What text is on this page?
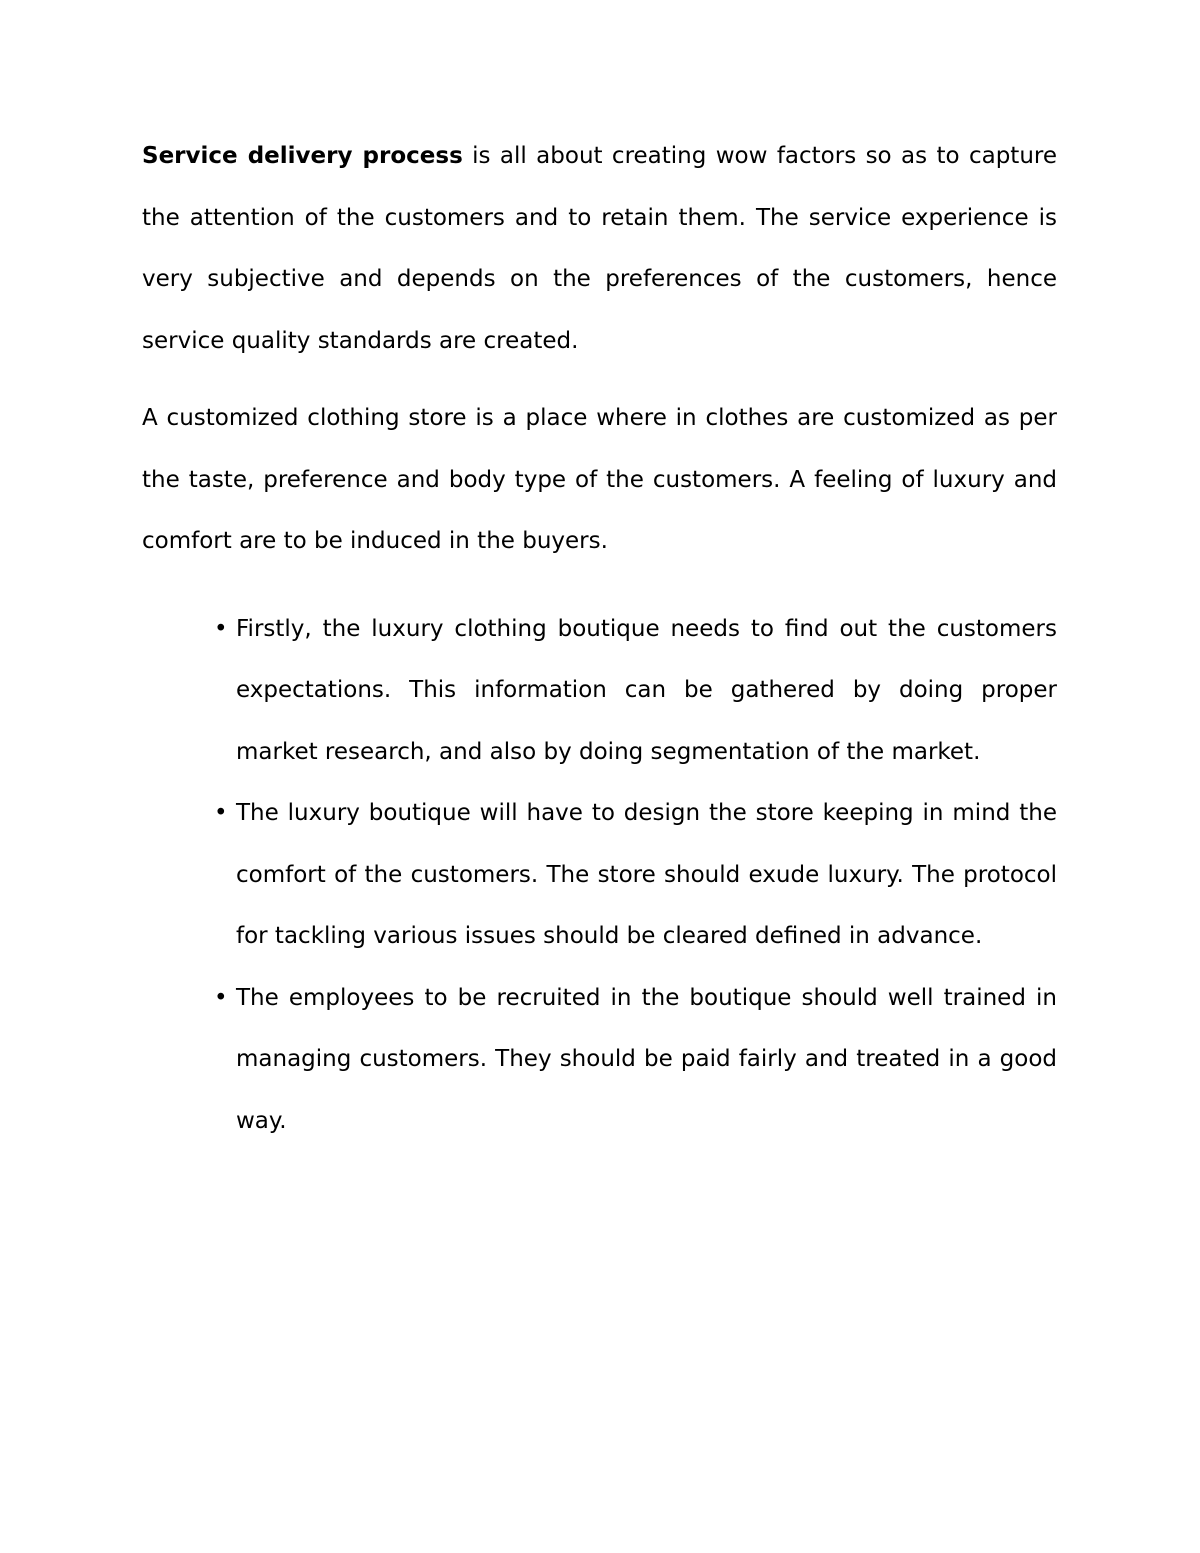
Service delivery process is all about creating wow factors so as to capture the attention of the customers and to retain them. The service experience is very subjective and depends on the preferences of the customers, hence service quality standards are created.

A customized clothing store is a place where in clothes are customized as per the taste, preference and body type of the customers. A feeling of luxury and comfort are to be induced in the buyers.

• Firstly, the luxury clothing boutique needs to find out the customers expectations. This information can be gathered by doing proper market research, and also by doing segmentation of the market.
• The luxury boutique will have to design the store keeping in mind the comfort of the customers. The store should exude luxury. The protocol for tackling various issues should be cleared defined in advance.
• The employees to be recruited in the boutique should well trained in managing customers. They should be paid fairly and treated in a good way.
